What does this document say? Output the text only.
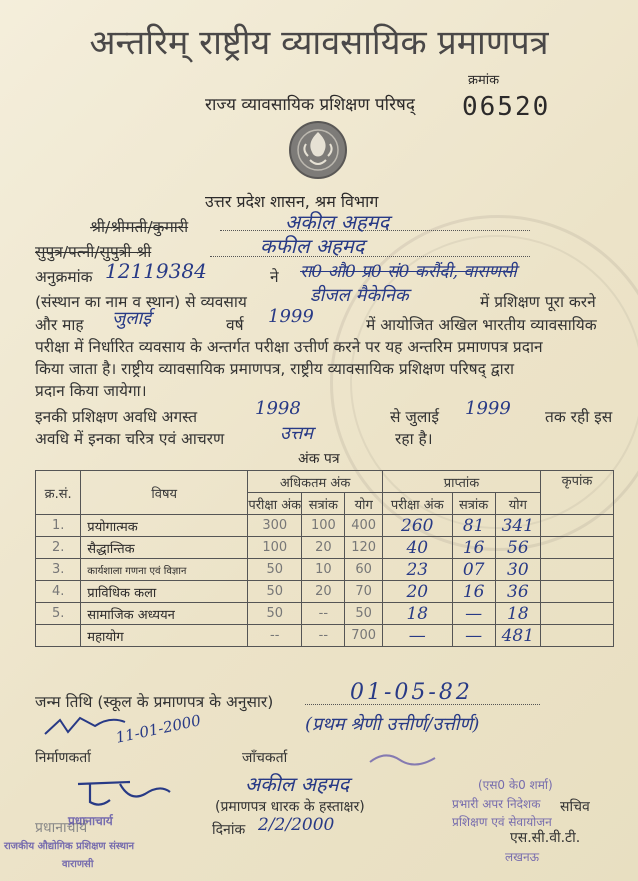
अन्तरिम् राष्ट्रीय व्यावसायिक प्रमाणपत्र
क्रमांक
राज्य व्यावसायिक प्रशिक्षण परिषद् 06520
उत्तर प्रदेश शासन, श्रम विभाग
श्री/श्रीमती/कुमारी	अकील अहमद
सुपुत्र/पत्नी/सुपुत्री श्री	कफील अहमद
अनुक्रमांक 12119384	ने रा0 औ0 प्र0 सं0 करौंदी, वाराणसी
(संस्थान का नाम व स्थान) से व्यवसाय	डीजल मैकेनिक	में प्रशिक्षण पूरा करने
और माह जुलाई	वर्ष 1999	में आयोजित अखिल भारतीय व्यावसायिक
परीक्षा में निर्धारित व्यवसाय के अन्तर्गत परीक्षा उत्तीर्ण करने पर यह अन्तरिम प्रमाणपत्र प्रदान
किया जाता है। राष्ट्रीय व्यावसायिक प्रमाणपत्र, राष्ट्रीय व्यावसायिक प्रशिक्षण परिषद् द्वारा
प्रदान किया जायेगा।
इनकी प्रशिक्षण अवधि अगस्त	1998	से जुलाई 1999 तक रही इस
अवधि में इनका चरित्र एवं आचरण	उत्तम	रहा है।
अंक पत्र
क्र.सं.	विषय	अधिकतम अंक			प्राप्तांक			कृपांक
		परीक्षा अंक	सत्रांक	योग	परीक्षा अंक	सत्रांक	योग	
1.	प्रयोगात्मक	300	100	400	260	81	341	
2.	सैद्धान्तिक	100	20	120	40	16	56	
3.	कार्यशाला गणना एवं विज्ञान	50	10	60	23	07	30	
4.	प्राविधिक कला	50	20	70	20	16	36	
5.	सामाजिक अध्ययन	50	--	50	18	—	18	
	महायोग	--	--	700	—	—	481	
जन्म तिथि (स्कूल के प्रमाणपत्र के अनुसार)	01-05-82
11-01-2000	(प्रथम श्रेणी उत्तीर्ण/उत्तीर्ण)
निर्माणकर्ता	जाँचकर्ता
अकील अहमद
(प्रमाणपत्र धारक के हस्ताक्षर)
दिनांक 2/2/2000
प्रधानाचार्य
प्रधानाचार्य
राजकीय औद्योगिक प्रशिक्षण संस्थान
वाराणसी
(एस0 के0 शर्मा)
प्रभारी अपर निदेशक
प्रशिक्षण एवं सेवायोजन
सचिव
एस.सी.वी.टी.
लखनऊ
